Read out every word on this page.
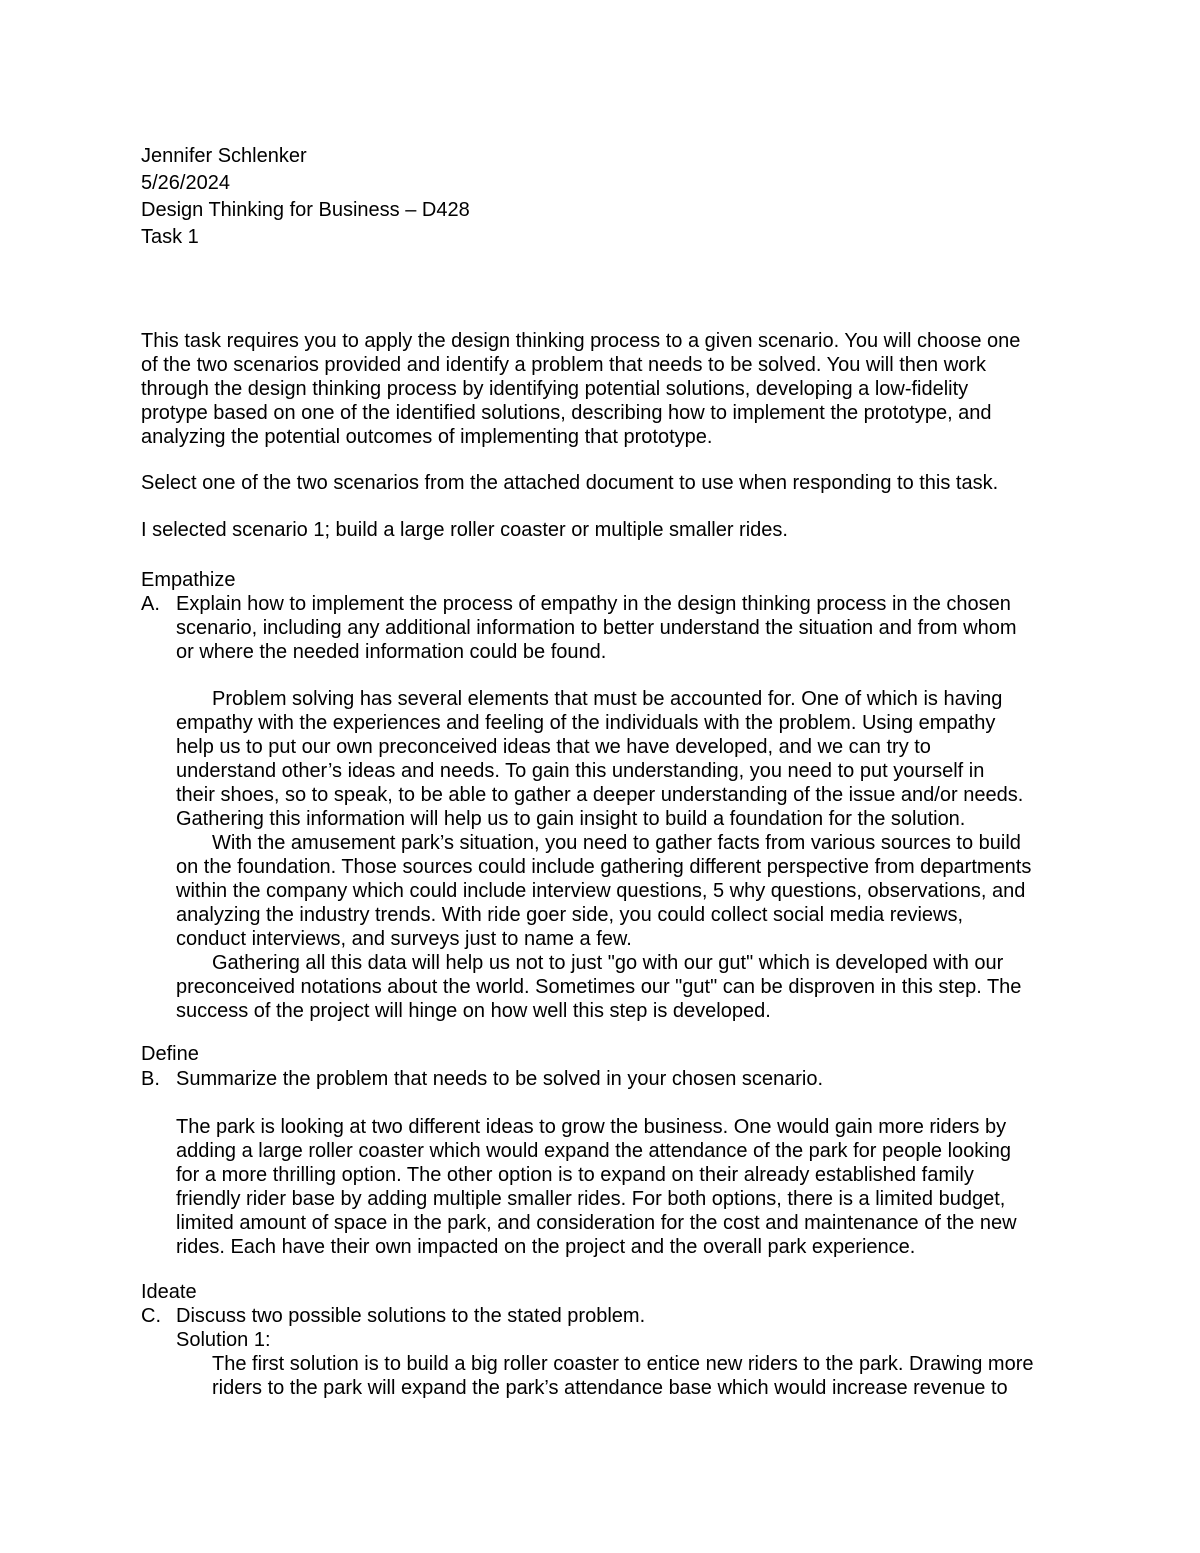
Jennifer Schlenker
5/26/2024
Design Thinking for Business – D428
Task 1
This task requires you to apply the design thinking process to a given scenario. You will choose one
of the two scenarios provided and identify a problem that needs to be solved. You will then work
through the design thinking process by identifying potential solutions, developing a low-fidelity
protype based on one of the identified solutions, describing how to implement the prototype, and
analyzing the potential outcomes of implementing that prototype.
Select one of the two scenarios from the attached document to use when responding to this task.
I selected scenario 1; build a large roller coaster or multiple smaller rides.
Empathize
A. Explain how to implement the process of empathy in the design thinking process in the chosen
scenario, including any additional information to better understand the situation and from whom
or where the needed information could be found.
Problem solving has several elements that must be accounted for. One of which is having
empathy with the experiences and feeling of the individuals with the problem. Using empathy
help us to put our own preconceived ideas that we have developed, and we can try to
understand other’s ideas and needs. To gain this understanding, you need to put yourself in
their shoes, so to speak, to be able to gather a deeper understanding of the issue and/or needs.
Gathering this information will help us to gain insight to build a foundation for the solution.
With the amusement park’s situation, you need to gather facts from various sources to build
on the foundation. Those sources could include gathering different perspective from departments
within the company which could include interview questions, 5 why questions, observations, and
analyzing the industry trends. With ride goer side, you could collect social media reviews,
conduct interviews, and surveys just to name a few.
Gathering all this data will help us not to just "go with our gut" which is developed with our
preconceived notations about the world. Sometimes our "gut" can be disproven in this step. The
success of the project will hinge on how well this step is developed.
Define
B. Summarize the problem that needs to be solved in your chosen scenario.
The park is looking at two different ideas to grow the business. One would gain more riders by
adding a large roller coaster which would expand the attendance of the park for people looking
for a more thrilling option. The other option is to expand on their already established family
friendly rider base by adding multiple smaller rides. For both options, there is a limited budget,
limited amount of space in the park, and consideration for the cost and maintenance of the new
rides. Each have their own impacted on the project and the overall park experience.
Ideate
C. Discuss two possible solutions to the stated problem.
Solution 1:
The first solution is to build a big roller coaster to entice new riders to the park. Drawing more
riders to the park will expand the park’s attendance base which would increase revenue to
